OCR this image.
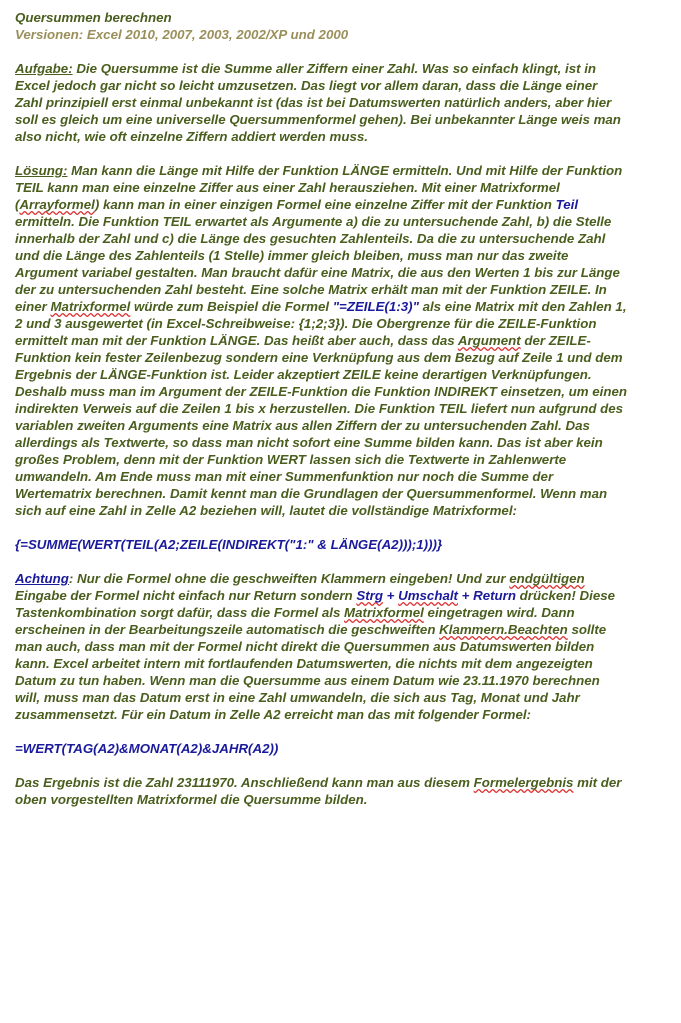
Quersummen berechnen

Versionen: Excel 2010, 2007, 2003, 2002/XP und 2000

Aufgabe: Die Quersumme ist die Summe aller Ziffern einer Zahl. Was so einfach klingt, ist in Excel jedoch gar nicht so leicht umzusetzen. Das liegt vor allem daran, dass die Länge einer Zahl prinzipiell erst einmal unbekannt ist (das ist bei Datumswerten natürlich anders, aber hier soll es gleich um eine universelle Quersummenformel gehen). Bei unbekannter Länge weis man also nicht, wie oft einzelne Ziffern addiert werden muss.

Lösung: Man kann die Länge mit Hilfe der Funktion LÄNGE ermitteln. Und mit Hilfe der Funktion TEIL kann man eine einzelne Ziffer aus einer Zahl herausziehen. Mit einer Matrixformel (Arrayformel) kann man in einer einzigen Formel eine einzelne Ziffer mit der Funktion Teil ermitteln. Die Funktion TEIL erwartet als Argumente a) die zu untersuchende Zahl, b) die Stelle innerhalb der Zahl und c) die Länge des gesuchten Zahlenteils. Da die zu untersuchende Zahl und die Länge des Zahlenteils (1 Stelle) immer gleich bleiben, muss man nur das zweite Argument variabel gestalten. Man braucht dafür eine Matrix, die aus den Werten 1 bis zur Länge der zu untersuchenden Zahl besteht. Eine solche Matrix erhält man mit der Funktion ZEILE. In einer Matrixformel würde zum Beispiel die Formel "=ZEILE(1:3)" als eine Matrix mit den Zahlen 1, 2 und 3 ausgewertet (in Excel-Schreibweise: {1;2;3}). Die Obergrenze für die ZEILE-Funktion ermittelt man mit der Funktion LÄNGE. Das heißt aber auch, dass das Argument der ZEILE-Funktion kein fester Zeilenbezug sondern eine Verknüpfung aus dem Bezug auf Zeile 1 und dem Ergebnis der LÄNGE-Funktion ist. Leider akzeptiert ZEILE keine derartigen Verknüpfungen. Deshalb muss man im Argument der ZEILE-Funktion die Funktion INDIREKT einsetzen, um einen indirekten Verweis auf die Zeilen 1 bis x herzustellen. Die Funktion TEIL liefert nun aufgrund des variablen zweiten Arguments eine Matrix aus allen Ziffern der zu untersuchenden Zahl. Das allerdings als Textwerte, so dass man nicht sofort eine Summe bilden kann. Das ist aber kein großes Problem, denn mit der Funktion WERT lassen sich die Textwerte in Zahlenwerte umwandeln. Am Ende muss man mit einer Summenfunktion nur noch die Summe der Wertematrix berechnen. Damit kennt man die Grundlagen der Quersummenformel. Wenn man sich auf eine Zahl in Zelle A2 beziehen will, lautet die vollständige Matrixformel:

{=SUMME(WERT(TEIL(A2;ZEILE(INDIREKT("1:" & LÄNGE(A2)));1)))}

Achtung: Nur die Formel ohne die geschweiften Klammern eingeben! Und zur endgültigen Eingabe der Formel nicht einfach nur Return sondern Strg + Umschalt + Return drücken! Diese Tastenkombination sorgt dafür, dass die Formel als Matrixformel eingetragen wird. Dann erscheinen in der Bearbeitungszeile automatisch die geschweiften Klammern.Beachten sollte man auch, dass man mit der Formel nicht direkt die Quersummen aus Datumswerten bilden kann. Excel arbeitet intern mit fortlaufenden Datumswerten, die nichts mit dem angezeigten Datum zu tun haben. Wenn man die Quersumme aus einem Datum wie 23.11.1970 berechnen will, muss man das Datum erst in eine Zahl umwandeln, die sich aus Tag, Monat und Jahr zusammensetzt. Für ein Datum in Zelle A2 erreicht man das mit folgender Formel:

=WERT(TAG(A2)&MONAT(A2)&JAHR(A2))

Das Ergebnis ist die Zahl 23111970. Anschließend kann man aus diesem Formelergebnis mit der oben vorgestellten Matrixformel die Quersumme bilden.
